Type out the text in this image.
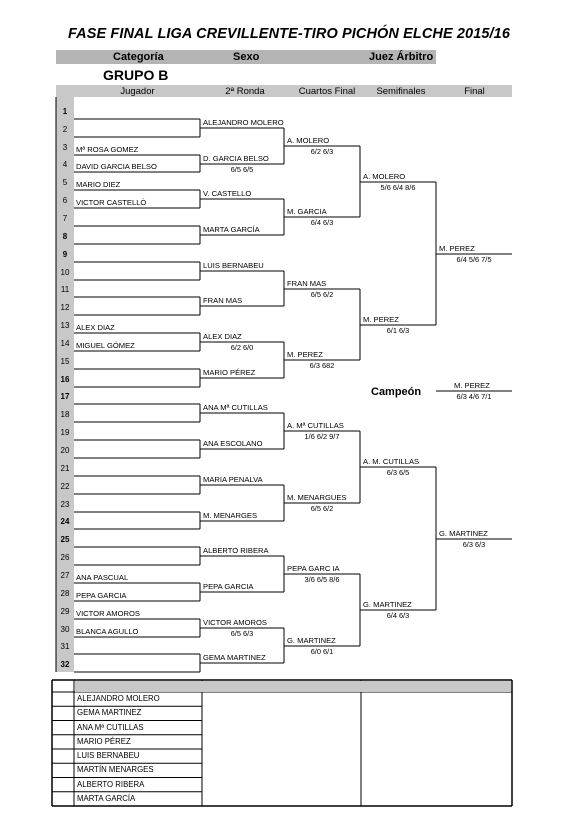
FASE FINAL LIGA CREVILLENTE-TIRO PICHÓN ELCHE 2015/16
Categoría	Sexo	Juez Árbitro
GRUPO B
Jugador	2ª Ronda	Cuartos Final	Semifinales	Final
1
2
3	Mª ROSA GOMEZ
4	DAVID GARCIA BELSO
5	MARIO DIEZ
6	VICTOR CASTELLÓ
7
8
9
10
11
12
13 ALEX DIAZ
14 MIGUEL GÓMEZ
15
16
17
18
19
20
21
22
23
24
25
26
27 ANA PASCUAL
28 PEPA GARCIA
29 VICTOR AMOROS
30 BLANCA AGULLO
31
32
ALEJANDRO MOLERO
D. GARCIA BELSO
6/5 6/5
V. CASTELLO
MARTA GARCÍA
LUIS BERNABEU
FRAN MAS
ALEX DIAZ
6/2 6/0
MARIO PÉREZ
ANA Mª CUTILLAS
ANA ESCOLANO
MARIA PENALVA
M. MENARGES
ALBERTO RIBERA
PEPA GARCIA
VICTOR AMOROS
6/5 6/3
GEMA MARTINEZ
A. MOLERO
6/2 6/3
M. GARCIA
6/4 6/3
FRAN MAS
6/5 6/2
M. PEREZ
6/3 682
A. Mª CUTILLAS
1/6 6/2 9/7
M. MENARGUES
6/5 6/2
PEPA GARC IA
3/6 6/5 8/6
G. MARTINEZ
6/0 6/1
A. MOLERO
5/6 6/4 8/6
M. PEREZ
6/1 6/3
A. M. CUTILLAS
6/3 6/5
G. MARTINEZ
6/4 6/3
M. PEREZ
6/4 5/6 7/5
G. MARTINEZ
6/3 6/3
M. PEREZ
6/3 4/6 7/1
ALEJANDRO MOLERO
GEMA MARTINEZ
ANA Mª CUTILLAS
MARIO PÉREZ
LUIS BERNABEU
MARTÍN MENARGES
ALBERTO RIBERA
MARTA GARCÍA
Campeón
